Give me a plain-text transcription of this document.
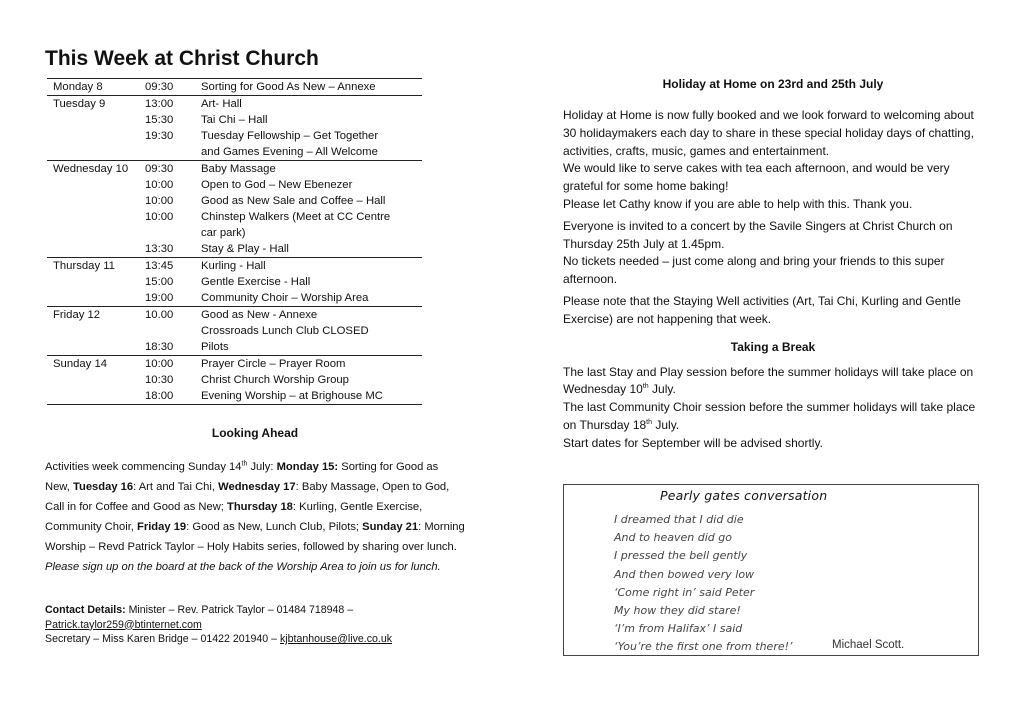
This Week at Christ Church
Monday 8	09:30	Sorting for Good As New – Annexe
Tuesday 9	13:00	Art- Hall
	15:30	Tai Chi – Hall
	19:30	Tuesday Fellowship – Get Together
		and Games Evening – All Welcome
Wednesday 10	09:30	Baby Massage
	10:00	Open to God – New Ebenezer
	10:00	Good as New Sale and Coffee – Hall
	10:00	Chinstep Walkers (Meet at CC Centre
		car park)
	13:30	Stay & Play - Hall
Thursday 11	13:45	Kurling - Hall
	15:00	Gentle Exercise - Hall
	19:00	Community Choir – Worship Area
Friday 12	10.00	Good as New - Annexe
		Crossroads Lunch Club CLOSED
	18:30	Pilots
Sunday 14	10:00	Prayer Circle – Prayer Room
	10:30	Christ Church Worship Group
	18:00	Evening Worship – at Brighouse MC
Looking Ahead
Activities week commencing Sunday 14th July: Monday 15: Sorting for Good as New, Tuesday 16: Art and Tai Chi, Wednesday 17: Baby Massage, Open to God, Call in for Coffee and Good as New; Thursday 18: Kurling, Gentle Exercise, Community Choir, Friday 19: Good as New, Lunch Club, Pilots; Sunday 21: Morning Worship – Revd Patrick Taylor – Holy Habits series, followed by sharing over lunch. Please sign up on the board at the back of the Worship Area to join us for lunch.
Contact Details: Minister – Rev. Patrick Taylor – 01484 718948 –
Patrick.taylor259@btinternet.com
Secretary – Miss Karen Bridge – 01422 201940 – kjbtanhouse@live.co.uk
Holiday at Home on 23rd and 25th July

Holiday at Home is now fully booked and we look forward to welcoming about 30 holidaymakers each day to share in these special holiday days of chatting, activities, crafts, music, games and entertainment.

We would like to serve cakes with tea each afternoon, and would be very grateful for some home baking!

Please let Cathy know if you are able to help with this. Thank you.

Everyone is invited to a concert by the Savile Singers at Christ Church on Thursday 25th July at 1.45pm.

No tickets needed – just come along and bring your friends to this super afternoon.

Please note that the Staying Well activities (Art, Tai Chi, Kurling and Gentle Exercise) are not happening that week.

Taking a Break

The last Stay and Play session before the summer holidays will take place on Wednesday 10th July.

The last Community Choir session before the summer holidays will take place on Thursday 18th July.

Start dates for September will be advised shortly.

Pearly gates conversation
I dreamed that I did die
And to heaven did go
I pressed the bell gently
And then bowed very low
‘Come right in’ said Peter
My how they did stare!
‘I’m from Halifax’ I said
‘You’re the first one from there!’	Michael Scott.
